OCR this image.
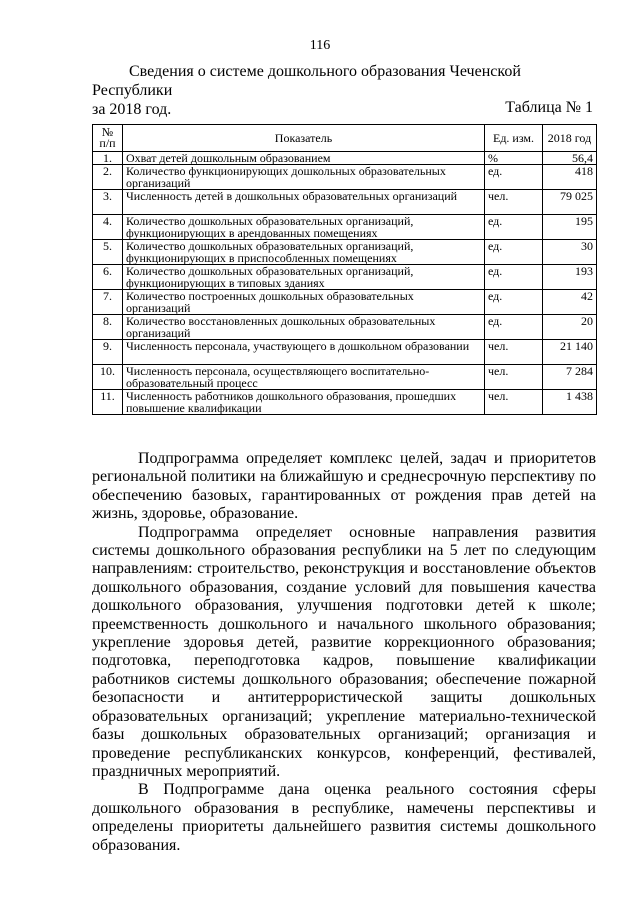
116
Сведения о системе дошкольного образования Чеченской Республики
за 2018 год.	Таблица № 1
№
п/п	Показатель	Ед. изм.	2018 год
1.	Охват детей дошкольным образованием	%	56,4
2.	Количество функционирующих дошкольных образовательных организаций	ед.	418
3.	Численность детей в дошкольных образовательных организаций	чел.	79 025
4.	Количество дошкольных образовательных организаций, функционирующих в арендованных помещениях	ед.	195
5.	Количество дошкольных образовательных организаций, функционирующих в приспособленных помещениях	ед.	30
6.	Количество дошкольных образовательных организаций, функционирующих в типовых зданиях	ед.	193
7.	Количество построенных дошкольных образовательных организаций	ед.	42
8.	Количество восстановленных дошкольных образовательных организаций	ед.	20
9.	Численность персонала, участвующего в дошкольном образовании	чел.	21 140
10.	Численность персонала, осуществляющего воспитательно-образовательный процесс	чел.	7 284
11.	Численность работников дошкольного образования, прошедших повышение квалификации	чел.	1 438

Подпрограмма определяет комплекс целей, задач и приоритетов региональной политики на ближайшую и среднесрочную перспективу по обеспечению базовых, гарантированных от рождения прав детей на жизнь, здоровье, образование.

Подпрограмма определяет основные направления развития системы дошкольного образования республики на 5 лет по следующим направлениям: строительство, реконструкция и восстановление объектов дошкольного образования, создание условий для повышения качества дошкольного образования, улучшения подготовки детей к школе; преемственность дошкольного и начального школьного образования; укрепление здоровья детей, развитие коррекционного образования; подготовка, переподготовка кадров, повышение квалификации работников системы дошкольного образования; обеспечение пожарной безопасности и антитеррористической защиты дошкольных образовательных организаций; укрепление материально-технической базы дошкольных образовательных организаций; организация и проведение республиканских конкурсов, конференций, фестивалей, праздничных мероприятий.

В Подпрограмме дана оценка реального состояния сферы дошкольного образования в республике, намечены перспективы и определены приоритеты дальнейшего развития системы дошкольного образования.
